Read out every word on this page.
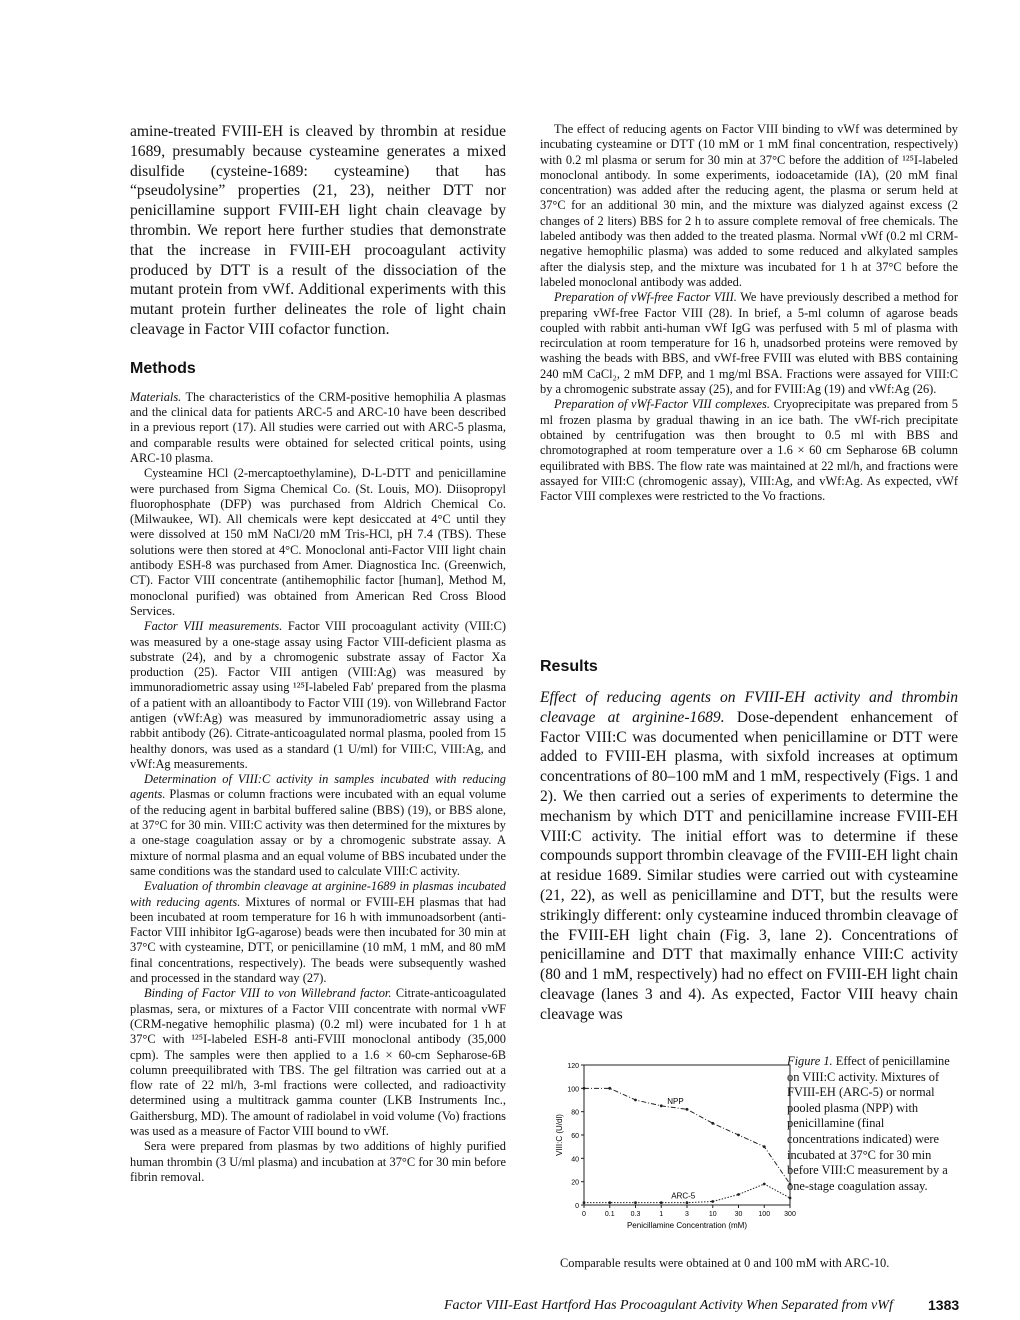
amine-treated FVIII-EH is cleaved by thrombin at residue 1689, presumably because cysteamine generates a mixed disulfide (cysteine-1689: cysteamine) that has “pseudolysine” properties (21, 23), neither DTT nor penicillamine support FVIII-EH light chain cleavage by thrombin. We report here further studies that demonstrate that the increase in FVIII-EH procoagulant activity produced by DTT is a result of the dissociation of the mutant protein from vWf. Additional experiments with this mutant protein further delineates the role of light chain cleavage in Factor VIII cofactor function.

Methods

Materials. The characteristics of the CRM-positive hemophilia A plasmas and the clinical data for patients ARC-5 and ARC-10 have been described in a previous report (17). All studies were carried out with ARC-5 plasma, and comparable results were obtained for selected critical points, using ARC-10 plasma.

Cysteamine HCl (2-mercaptoethylamine), D-L-DTT and penicillamine were purchased from Sigma Chemical Co. (St. Louis, MO). Diisopropyl fluorophosphate (DFP) was purchased from Aldrich Chemical Co. (Milwaukee, WI). All chemicals were kept desiccated at 4°C until they were dissolved at 150 mM NaCl/20 mM Tris-HCl, pH 7.4 (TBS). These solutions were then stored at 4°C. Monoclonal anti-Factor VIII light chain antibody ESH-8 was purchased from Amer. Diagnostica Inc. (Greenwich, CT). Factor VIII concentrate (antihemophilic factor [human], Method M, monoclonal purified) was obtained from American Red Cross Blood Services.

Factor VIII measurements. Factor VIII procoagulant activity (VIII:C) was measured by a one-stage assay using Factor VIII-deficient plasma as substrate (24), and by a chromogenic substrate assay of Factor Xa production (25). Factor VIII antigen (VIII:Ag) was measured by immunoradiometric assay using ¹²⁵I-labeled Fab′ prepared from the plasma of a patient with an alloantibody to Factor VIII (19). von Willebrand Factor antigen (vWf:Ag) was measured by immunoradiometric assay using a rabbit antibody (26). Citrate-anticoagulated normal plasma, pooled from 15 healthy donors, was used as a standard (1 U/ml) for VIII:C, VIII:Ag, and vWf:Ag measurements.

Determination of VIII:C activity in samples incubated with reducing agents. Plasmas or column fractions were incubated with an equal volume of the reducing agent in barbital buffered saline (BBS) (19), or BBS alone, at 37°C for 30 min. VIII:C activity was then determined for the mixtures by a one-stage coagulation assay or by a chromogenic substrate assay. A mixture of normal plasma and an equal volume of BBS incubated under the same conditions was the standard used to calculate VIII:C activity.

Evaluation of thrombin cleavage at arginine-1689 in plasmas incubated with reducing agents. Mixtures of normal or FVIII-EH plasmas that had been incubated at room temperature for 16 h with immunoadsorbent (anti-Factor VIII inhibitor IgG-agarose) beads were then incubated for 30 min at 37°C with cysteamine, DTT, or penicillamine (10 mM, 1 mM, and 80 mM final concentrations, respectively). The beads were subsequently washed and processed in the standard way (27).

Binding of Factor VIII to von Willebrand factor. Citrate-anticoagulated plasmas, sera, or mixtures of a Factor VIII concentrate with normal vWF (CRM-negative hemophilic plasma) (0.2 ml) were incubated for 1 h at 37°C with ¹²⁵I-labeled ESH-8 anti-FVIII monoclonal antibody (35,000 cpm). The samples were then applied to a 1.6 × 60-cm Sepharose-6B column preequilibrated with TBS. The gel filtration was carried out at a flow rate of 22 ml/h, 3-ml fractions were collected, and radioactivity determined using a multitrack gamma counter (LKB Instruments Inc., Gaithersburg, MD). The amount of radiolabel in void volume (Vo) fractions was used as a measure of Factor VIII bound to vWf.

Sera were prepared from plasmas by two additions of highly purified human thrombin (3 U/ml plasma) and incubation at 37°C for 30 min before fibrin removal.

The effect of reducing agents on Factor VIII binding to vWf was determined by incubating cysteamine or DTT (10 mM or 1 mM final concentration, respectively) with 0.2 ml plasma or serum for 30 min at 37°C before the addition of ¹²⁵I-labeled monoclonal antibody. In some experiments, iodoacetamide (IA), (20 mM final concentration) was added after the reducing agent, the plasma or serum held at 37°C for an additional 30 min, and the mixture was dialyzed against excess (2 changes of 2 liters) BBS for 2 h to assure complete removal of free chemicals. The labeled antibody was then added to the treated plasma. Normal vWf (0.2 ml CRM-negative hemophilic plasma) was added to some reduced and alkylated samples after the dialysis step, and the mixture was incubated for 1 h at 37°C before the labeled monoclonal antibody was added.

Preparation of vWf-free Factor VIII. We have previously described a method for preparing vWf-free Factor VIII (28). In brief, a 5-ml column of agarose beads coupled with rabbit anti-human vWf IgG was perfused with 5 ml of plasma with recirculation at room temperature for 16 h, unadsorbed proteins were removed by washing the beads with BBS, and vWf-free FVIII was eluted with BBS containing 240 mM CaCl₂, 2 mM DFP, and 1 mg/ml BSA. Fractions were assayed for VIII:C by a chromogenic substrate assay (25), and for FVIII:Ag (19) and vWf:Ag (26).

Preparation of vWf-Factor VIII complexes. Cryoprecipitate was prepared from 5 ml frozen plasma by gradual thawing in an ice bath. The vWf-rich precipitate obtained by centrifugation was then brought to 0.5 ml with BBS and chromotographed at room temperature over a 1.6 × 60 cm Sepharose 6B column equilibrated with BBS. The flow rate was maintained at 22 ml/h, and fractions were assayed for VIII:C (chromogenic assay), VIII:Ag, and vWf:Ag. As expected, vWf Factor VIII complexes were restricted to the Vo fractions.

Results

Effect of reducing agents on FVIII-EH activity and thrombin cleavage at arginine-1689. Dose-dependent enhancement of Factor VIII:C was documented when penicillamine or DTT were added to FVIII-EH plasma, with sixfold increases at optimum concentrations of 80–100 mM and 1 mM, respectively (Figs. 1 and 2). We then carried out a series of experiments to determine the mechanism by which DTT and penicillamine increase FVIII-EH VIII:C activity. The initial effort was to determine if these compounds support thrombin cleavage of the FVIII-EH light chain at residue 1689. Similar studies were carried out with cysteamine (21, 22), as well as penicillamine and DTT, but the results were strikingly different: only cysteamine induced thrombin cleavage of the FVIII-EH light chain (Fig. 3, lane 2). Concentrations of penicillamine and DTT that maximally enhance VIII:C activity (80 and 1 mM, respectively) had no effect on FVIII-EH light chain cleavage (lanes 3 and 4). As expected, Factor VIII heavy chain cleavage was

0
20
40
60
80
100
120
0	0.1 0.3	1	3	10	30 100 300
Penicillamine Concentration (mM)
VIII:C (U/dl)
NPP
ARC-5

Figure 1. Effect of penicillamine on VIII:C activity. Mixtures of FVIII-EH (ARC-5) or normal pooled plasma (NPP) with penicillamine (final concentrations indicated) were incubated at 37°C for 30 min before VIII:C measurement by a one-stage coagulation assay.

Comparable results were obtained at 0 and 100 mM with ARC-10.

Factor VIII-East Hartford Has Procoagulant Activity When Separated from vWf	1383
